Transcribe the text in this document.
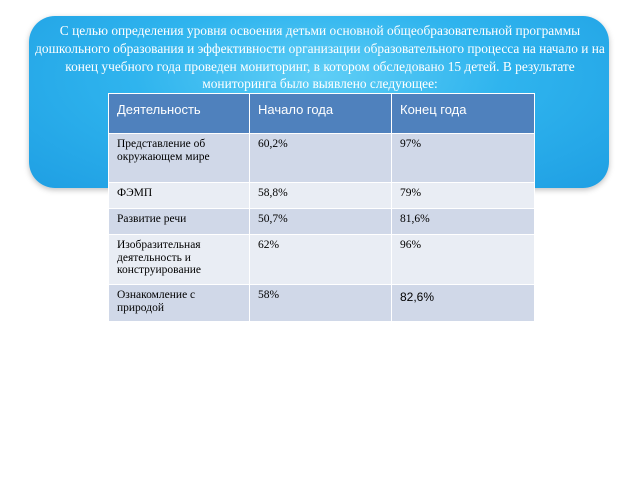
С целью определения уровня освоения детьми основной общеобразовательной программы дошкольного образования и эффективности организации образовательного процесса на начало и на конец учебного года проведен мониторинг, в котором обследовано 15 детей. В результате мониторинга было выявлено следующее:

Деятельность	Начало года	Конец года
Представление об окружающем мире	60,2%	97%
ФЭМП	58,8%	79%
Развитие речи	50,7%	81,6%
Изобразительная деятельность и конструирование	62%	96%
Ознакомление с природой	58%	82,6%
